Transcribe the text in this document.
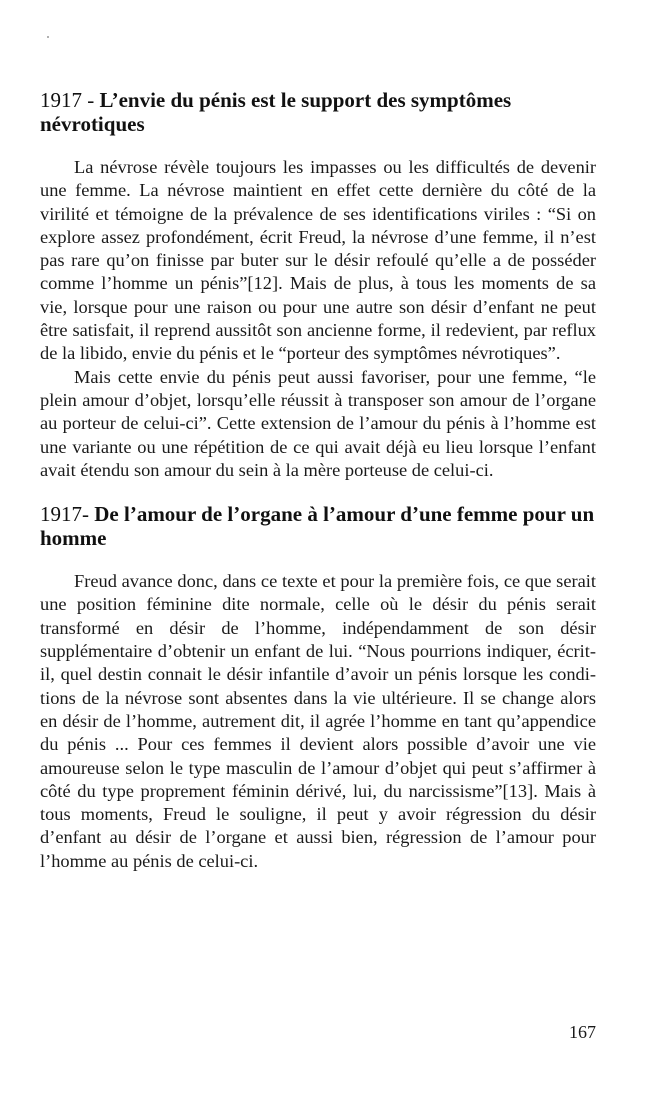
1917 - L’envie du pénis est le support des symptômes névrotiques

La névrose révèle toujours les impasses ou les difficultés de devenir une femme. La névrose maintient en effet cette dernière du côté de la virilité et témoigne de la prévalence de ses identifications viriles : “Si on explore assez profondément, écrit Freud, la névrose d’une femme, il n’est pas rare qu’on finisse par buter sur le désir refoulé qu’elle a de posséder comme l’homme un pénis”[12]. Mais de plus, à tous les moments de sa vie, lorsque pour une raison ou pour une autre son désir d’enfant ne peut être satisfait, il reprend aussitôt son ancienne forme, il redevient, par reflux de la libido, envie du pénis et le “porteur des symptômes névrotiques”.

Mais cette envie du pénis peut aussi favoriser, pour une femme, “le plein amour d’objet, lorsqu’elle réussit à transposer son amour de l’organe au porteur de celui-ci”. Cette extension de l’amour du pénis à l’homme est une variante ou une répétition de ce qui avait déjà eu lieu lorsque l’enfant avait étendu son amour du sein à la mère porteuse de celui-ci.

1917- De l’amour de l’organe à l’amour d’une femme pour un homme

Freud avance donc, dans ce texte et pour la première fois, ce que serait une position féminine dite normale, celle où le désir du pénis serait transformé en désir de l’homme, indépendamment de son désir supplémentaire d’obtenir un enfant de lui. “Nous pourrions indiquer, écrit-il, quel destin connait le désir infantile d’avoir un pénis lorsque les conditions de la névrose sont absentes dans la vie ultérieure. Il se change alors en désir de l’homme, autrement dit, il agrée l’homme en tant qu’appendice du pénis ... Pour ces femmes il devient alors possible d’avoir une vie amoureuse selon le type masculin de l’amour d’objet qui peut s’affirmer à côté du type proprement féminin dérivé, lui, du narcissisme”[13]. Mais à tous moments, Freud le souligne, il peut y avoir régression du désir d’enfant au désir de l’organe et aussi bien, régression de l’amour pour l’homme au pénis de celui-ci.

167
